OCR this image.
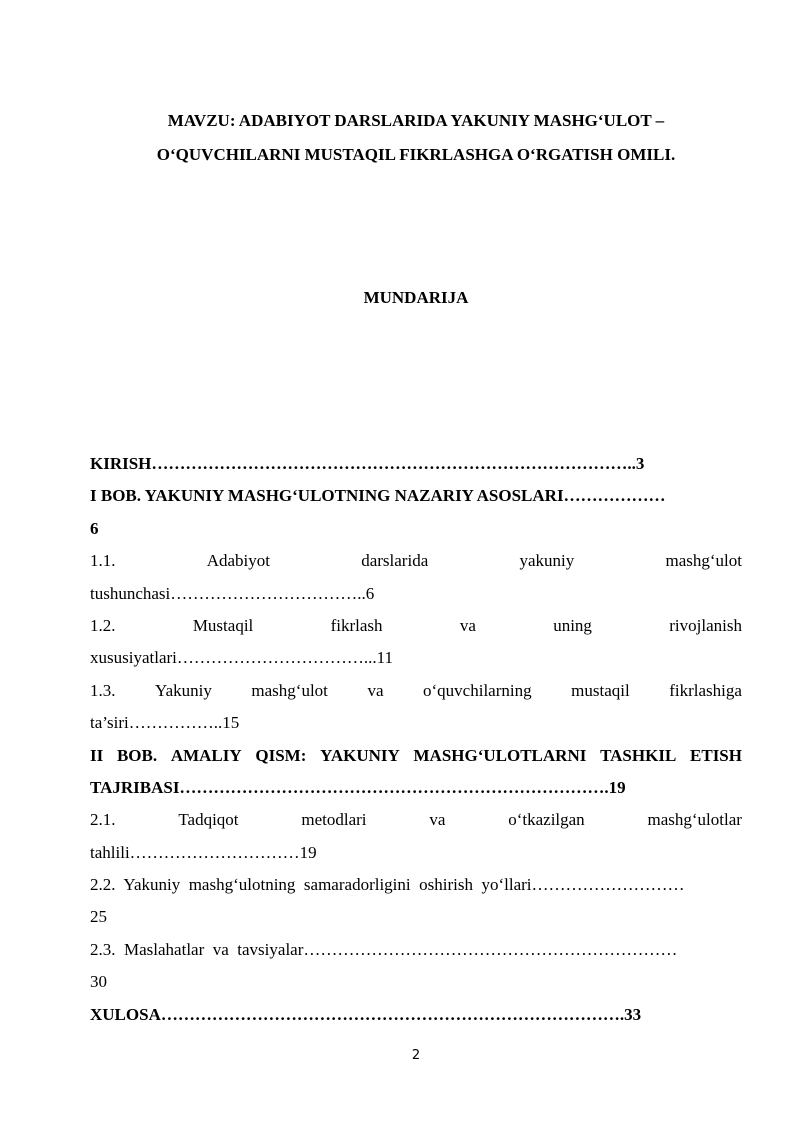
MAVZU: ADABIYOT DARSLARIDA YAKUNIY MASHG‘ULOT –
O‘QUVCHILARNI MUSTAQIL FIKRLASHGA O‘RGATISH OMILI.
MUNDARIJA
KIRISH…………………………………………………………………………..3
I BOB. YAKUNIY MASHG‘ULOTNING NAZARIY ASOSLARI………………
6
1.1.	Adabiyot	darslarida	yakuniy	mashg‘ulot
tushunchasi……………………………..6
1.2.	Mustaqil	fikrlash	va	uning	rivojlanish
xususiyatlari……………………………...11
1.3. Yakuniy mashg‘ulot va o‘quvchilarning mustaqil fikrlashiga
ta’siri……………..15
II BOB. AMALIY QISM: YAKUNIY MASHG‘ULOTLARNI TASHKIL ETISH
TAJRIBASI………………………………………………………………….19
2.1.	Tadqiqot	metodlari	va	o‘tkazilgan	mashg‘ulotlar
tahlili…………………………19
2.2.  Yakuniy  mashg‘ulotning  samaradorligini  oshirish  yo‘llari………………………
25
2.3.  Maslahatlar  va  tavsiyalar…………………………………………………………
30
XULOSA……………………………………………………………………….33
2
